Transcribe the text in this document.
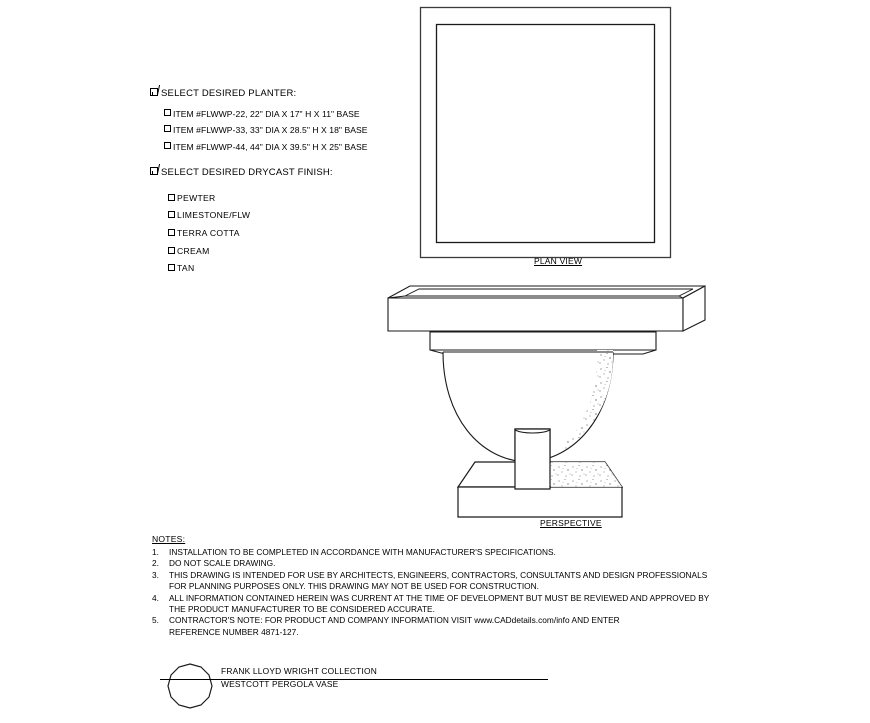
SELECT DESIRED PLANTER:
ITEM #FLWWP-22, 22" DIA X 17" H X 11" BASE
ITEM #FLWWP-33, 33" DIA X 28.5" H X 18" BASE
ITEM #FLWWP-44, 44" DIA X 39.5" H X 25" BASE
SELECT DESIRED DRYCAST FINISH:
PEWTER
LIMESTONE/FLW
TERRA COTTA
CREAM
TAN
PLAN VIEW
PERSPECTIVE
NOTES:
1.	INSTALLATION TO BE COMPLETED IN ACCORDANCE WITH MANUFACTURER'S SPECIFICATIONS.
2.	DO NOT SCALE DRAWING.
3.	THIS DRAWING IS INTENDED FOR USE BY ARCHITECTS, ENGINEERS, CONTRACTORS, CONSULTANTS AND DESIGN PROFESSIONALS
FOR PLANNING PURPOSES ONLY. THIS DRAWING MAY NOT BE USED FOR CONSTRUCTION.
4.	ALL INFORMATION CONTAINED HEREIN WAS CURRENT AT THE TIME OF DEVELOPMENT BUT MUST BE REVIEWED AND APPROVED BY
THE PRODUCT MANUFACTURER TO BE CONSIDERED ACCURATE.
5.	CONTRACTOR'S NOTE: FOR PRODUCT AND COMPANY INFORMATION VISIT www.CADdetails.com/info AND ENTER
REFERENCE NUMBER 4871-127.
FRANK LLOYD WRIGHT COLLECTION
WESTCOTT PERGOLA VASE
